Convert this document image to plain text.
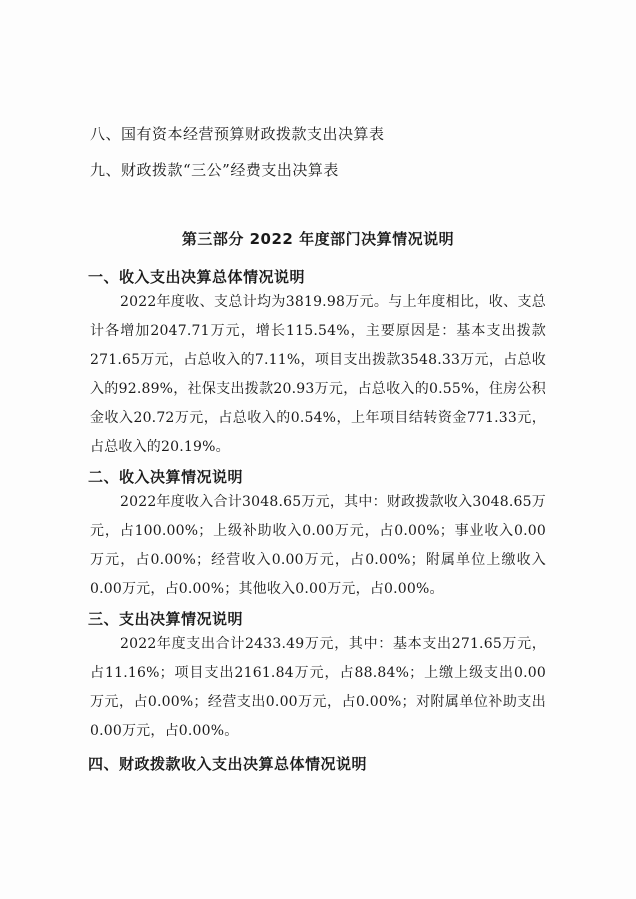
八、国有资本经营预算财政拨款支出决算表
九、财政拨款“三公”经费支出决算表
第三部分 2022 年度部门决算情况说明
一、收入支出决算总体情况说明
2022年度收、支总计均为3819.98万元。与上年度相比，收、支总计各增加2047.71万元，增长115.54%，主要原因是：基本支出拨款271.65万元，占总收入的7.11%，项目支出拨款3548.33万元，占总收入的92.89%，社保支出拨款20.93万元，占总收入的0.55%，住房公积金收入20.72万元，占总收入的0.54%，上年项目结转资金771.33元，占总收入的20.19%。
二、收入决算情况说明
2022年度收入合计3048.65万元，其中：财政拨款收入3048.65万元，占100.00%；上级补助收入0.00万元，占0.00%；事业收入0.00万元，占0.00%；经营收入0.00万元，占0.00%；附属单位上缴收入0.00万元，占0.00%；其他收入0.00万元，占0.00%。
三、支出决算情况说明
2022年度支出合计2433.49万元，其中：基本支出271.65万元，占11.16%；项目支出2161.84万元，占88.84%；上缴上级支出0.00万元，占0.00%；经营支出0.00万元，占0.00%；对附属单位补助支出0.00万元，占0.00%。
四、财政拨款收入支出决算总体情况说明
